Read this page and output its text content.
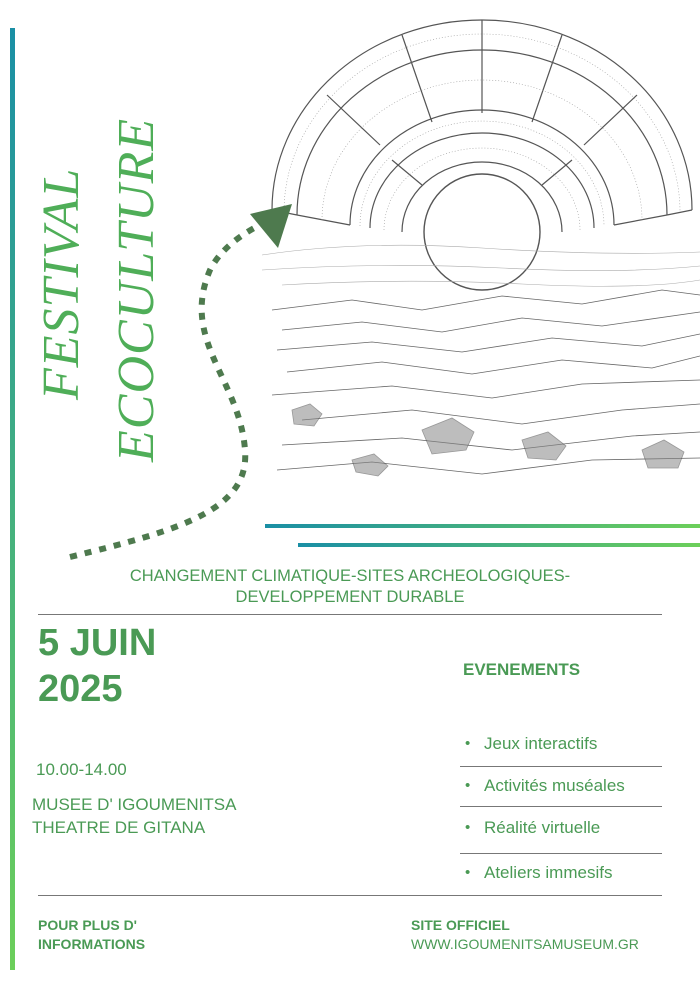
FESTIVAL ECOCULTURE
CHANGEMENT CLIMATIQUE-SITES ARCHEOLOGIQUES-
DEVELOPPEMENT DURABLE
5 JUIN
2025
10.00-14.00
MUSEE D' IGOUMENITSA
THEATRE DE GITANA
EVENEMENTS
• Jeux interactifs
• Activités muséales
• Réalité virtuelle
• Ateliers immesifs
POUR PLUS D'
INFORMATIONS
SITE OFFICIEL
WWW.IGOUMENITSAMUSEUM.GR
